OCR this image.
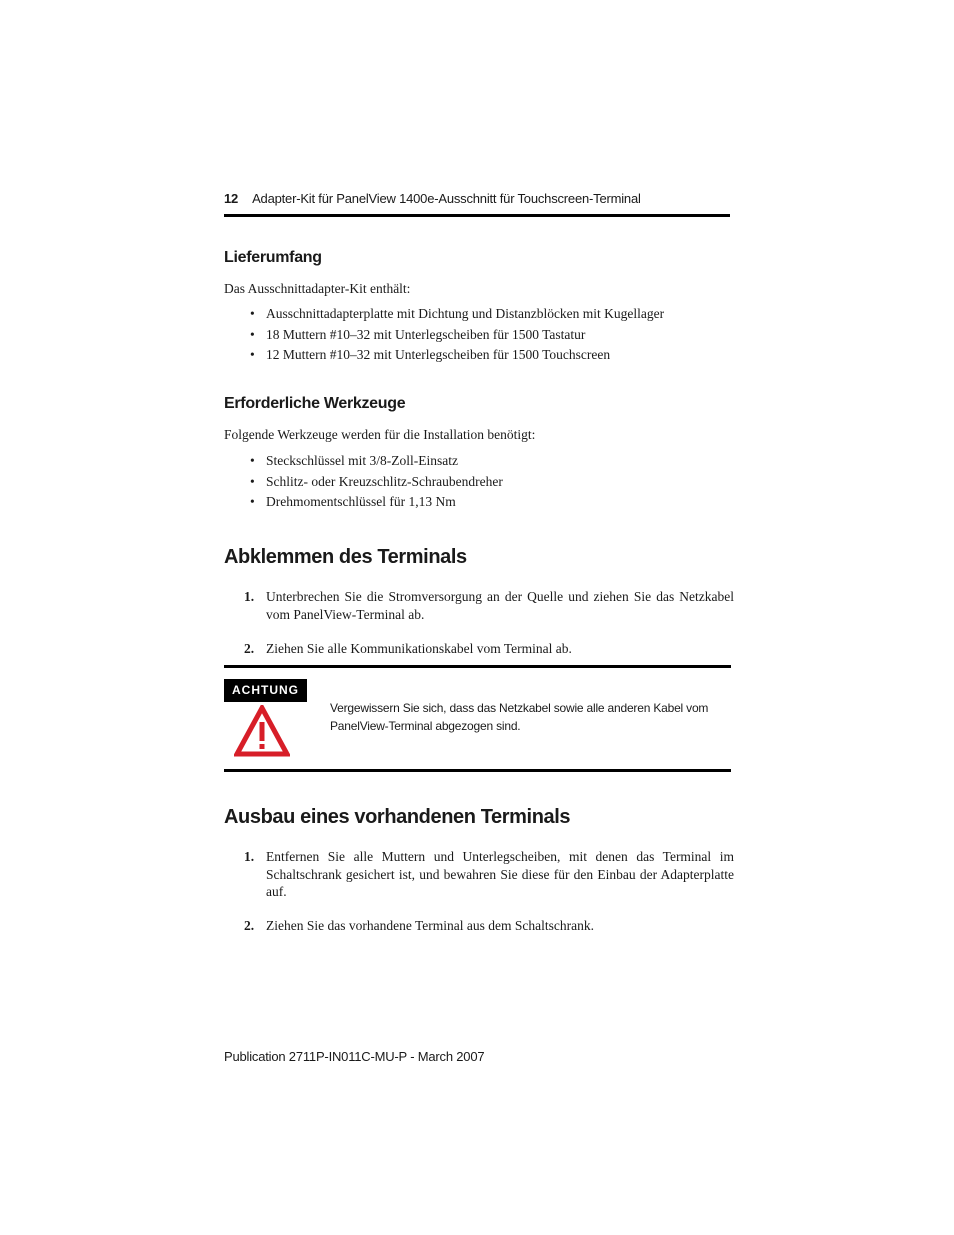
12 Adapter-Kit für PanelView 1400e-Ausschnitt für Touchscreen-Terminal
Lieferumfang
Das Ausschnittadapter-Kit enthält:
• Ausschnittadapterplatte mit Dichtung und Distanzblöcken mit Kugellager
• 18 Muttern #10–32 mit Unterlegscheiben für 1500 Tastatur
• 12 Muttern #10–32 mit Unterlegscheiben für 1500 Touchscreen
Erforderliche Werkzeuge
Folgende Werkzeuge werden für die Installation benötigt:
• Steckschlüssel mit 3/8-Zoll-Einsatz
• Schlitz- oder Kreuzschlitz-Schraubendreher
• Drehmomentschlüssel für 1,13 Nm
Abklemmen des Terminals
1. Unterbrechen Sie die Stromversorgung an der Quelle und ziehen Sie das Netzkabel vom PanelView-Terminal ab.
2. Ziehen Sie alle Kommunikationskabel vom Terminal ab.
ACHTUNG
Vergewissern Sie sich, dass das Netzkabel sowie alle anderen Kabel vom PanelView-Terminal abgezogen sind.
Ausbau eines vorhandenen Terminals
1. Entfernen Sie alle Muttern und Unterlegscheiben, mit denen das Terminal im Schaltschrank gesichert ist, und bewahren Sie diese für den Einbau der Adapterplatte auf.
2. Ziehen Sie das vorhandene Terminal aus dem Schaltschrank.
Publication 2711P-IN011C-MU-P - March 2007
